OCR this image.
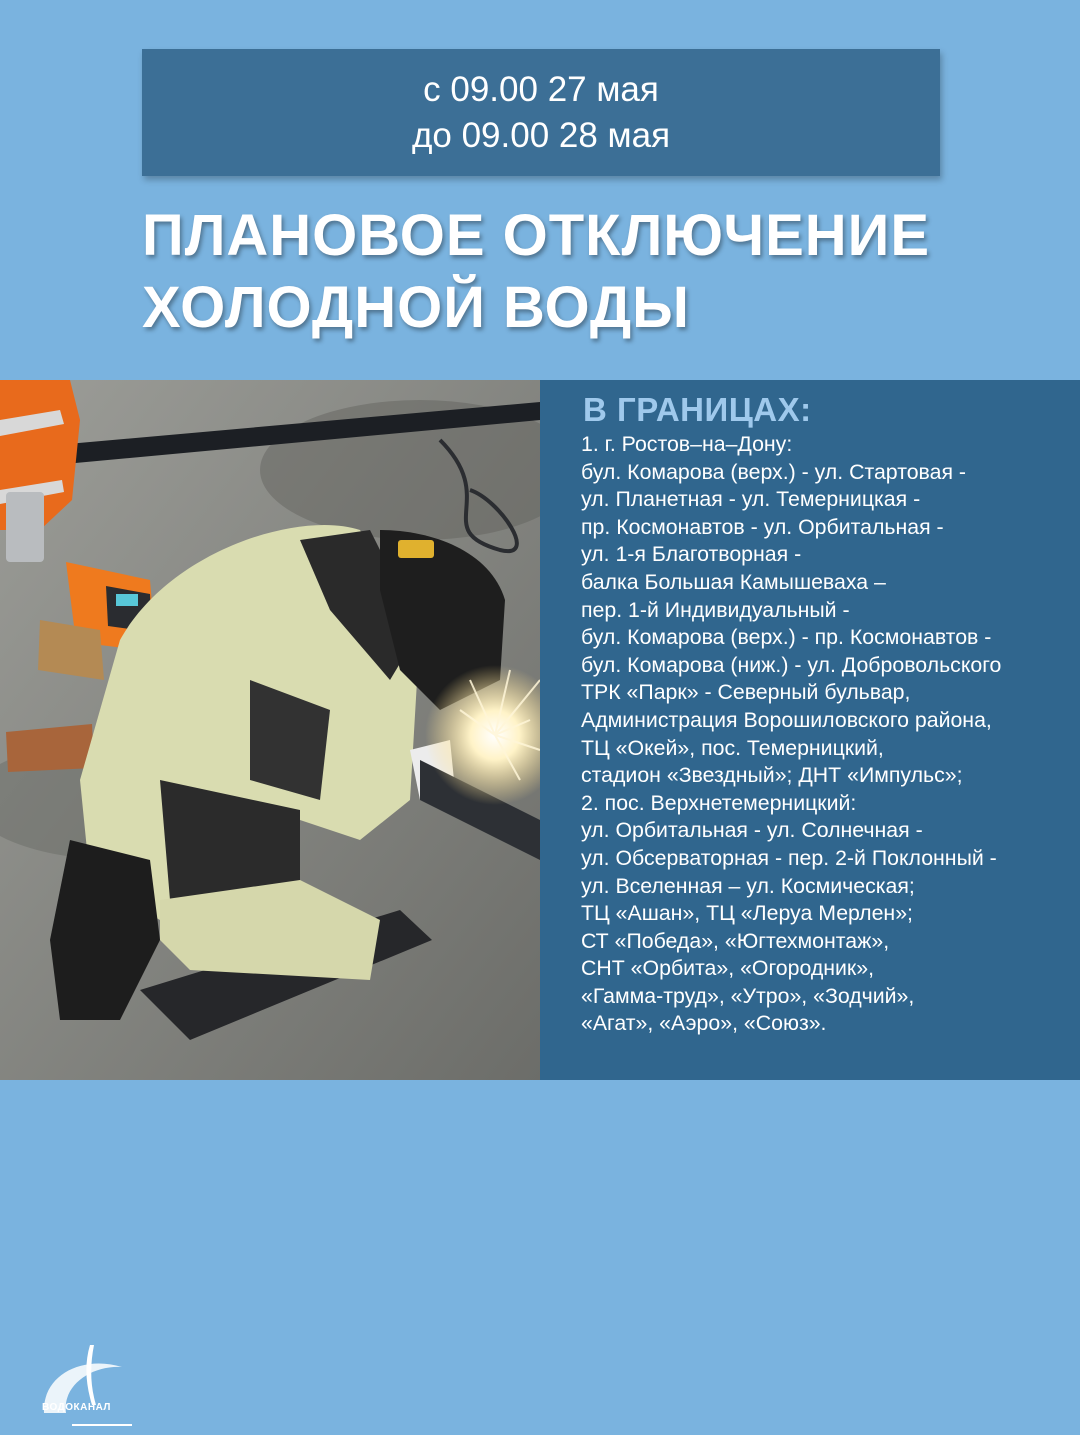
с 09.00 27 мая
до 09.00 28 мая
ПЛАНОВОЕ ОТКЛЮЧЕНИЕ
ХОЛОДНОЙ ВОДЫ
ВОДОКАНАЛ
В ГРАНИЦАХ:
1. г. Ростов–на–Дону:
бул. Комарова (верх.) - ул. Стартовая -
ул. Планетная - ул. Темерницкая -
пр. Космонавтов - ул. Орбитальная -
ул. 1-я Благотворная -
балка Большая Камышеваха –
пер. 1-й Индивидуальный -
бул. Комарова (верх.) - пр. Космонавтов -
бул. Комарова (ниж.) - ул. Добровольского
ТРК «Парк» - Северный бульвар,
Администрация Ворошиловского района,
ТЦ «Окей», пос. Темерницкий,
стадион «Звездный»; ДНТ «Импульс»;
2. пос. Верхнетемерницкий:
ул. Орбитальная - ул. Солнечная -
ул. Обсерваторная - пер. 2-й Поклонный -
ул. Вселенная – ул. Космическая;
ТЦ «Ашан», ТЦ «Леруа Мерлен»;
СТ «Победа», «Югтехмонтаж»,
СНТ «Орбита», «Огородник»,
«Гамма-труд», «Утро», «Зодчий»,
«Агат», «Аэро», «Союз».
